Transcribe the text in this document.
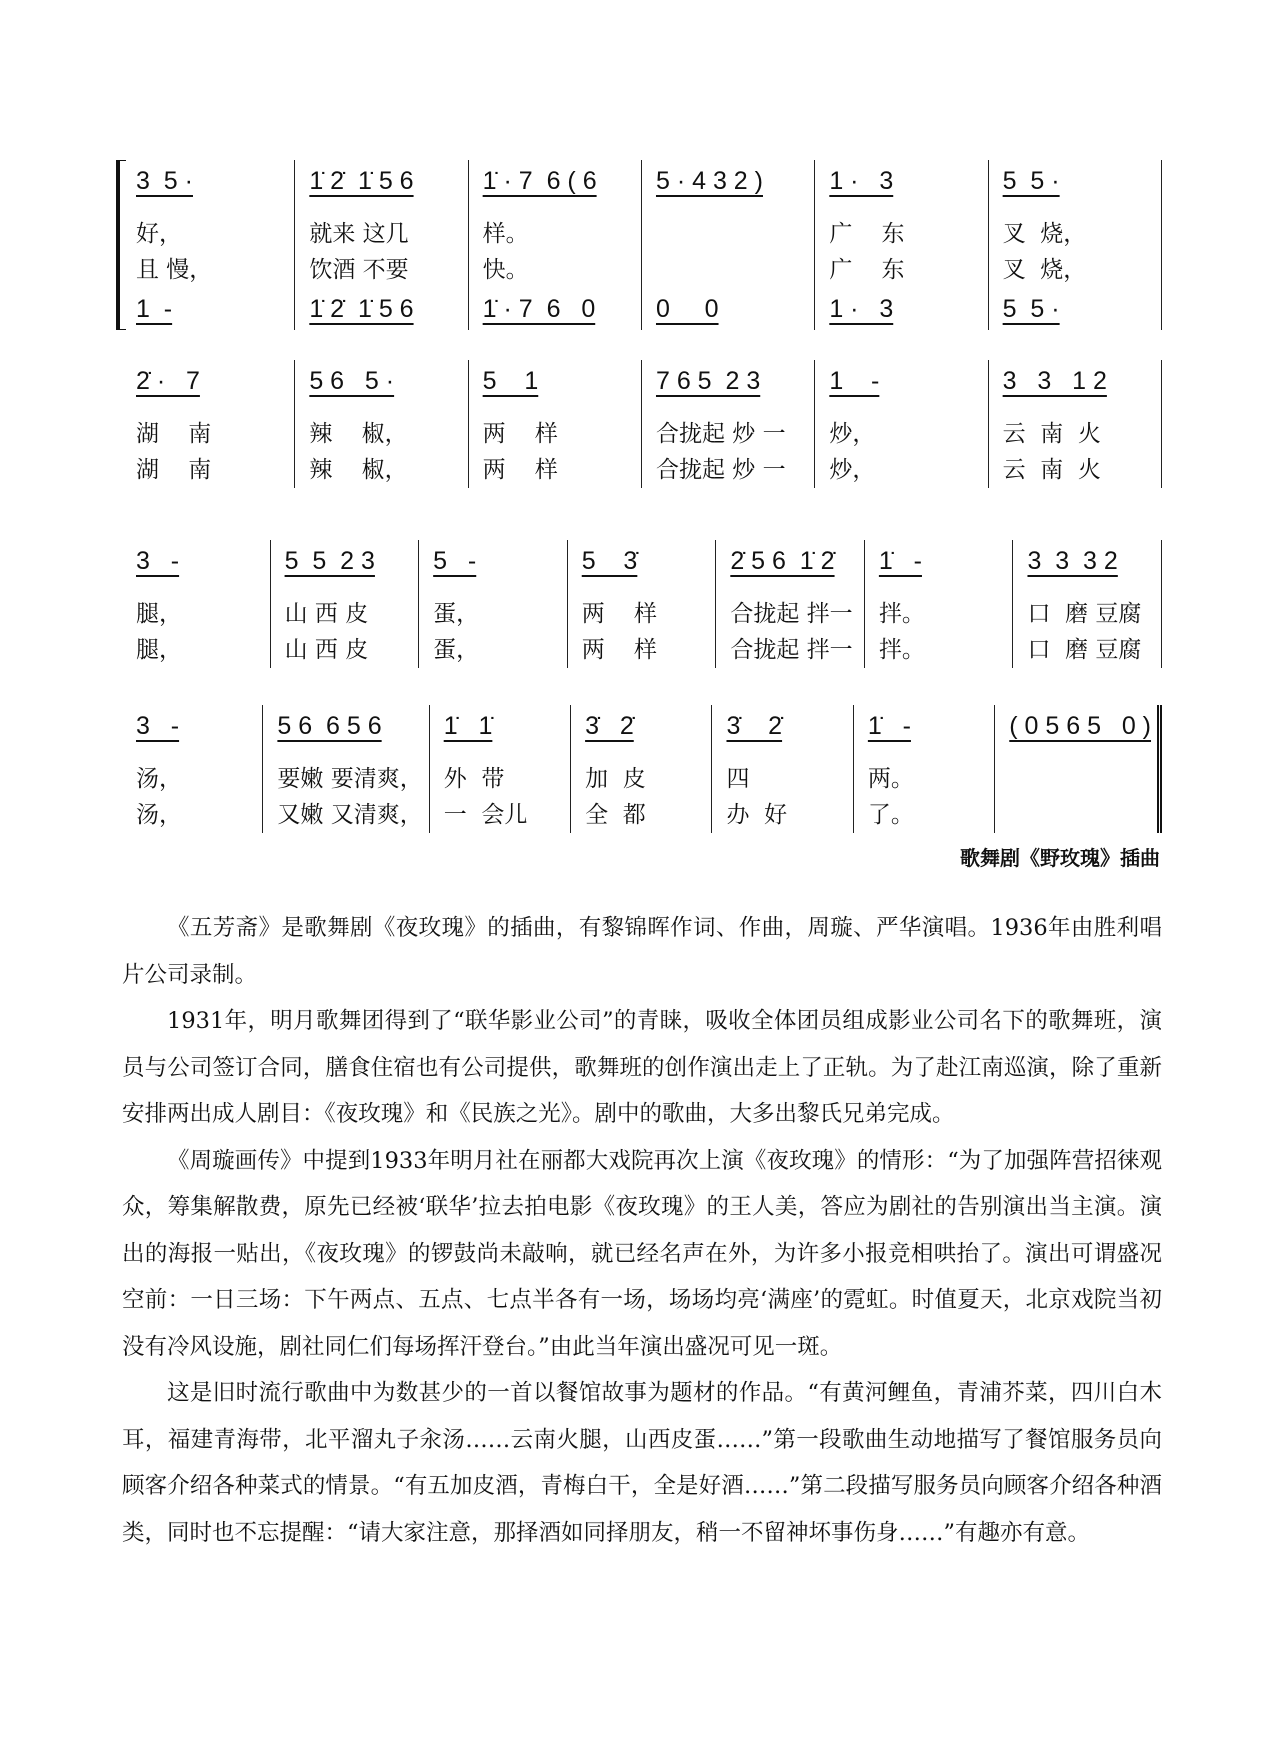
3  5 ·
好，
且 慢，
1  -
1̇ 2̇  1̇ 5 6
就来 这几
饮酒 不要
1̇ 2̇  1̇ 5 6
1̇ · 7  6 ( 6
样。
快。
1̇ · 7  6   0
5 · 4 3 2 )
0     0
1 ·   3
广    东
广    东
1 ·   3
5  5 ·
叉  烧，
叉  烧，
5  5 ·
2̇ ·   7
湖    南
湖    南
5 6   5 ·
辣    椒，
辣    椒，
5    1
两    样
两    样
7 6 5  2 3
合拢起 炒 一
合拢起 炒 一
1    -
炒，
炒，
3   3   1 2
云  南  火
云  南  火
3   -
腿，
腿，
5  5  2 3
山 西 皮
山 西 皮
5   -
蛋，
蛋，
5    3̇
两    样
两    样
2̇ 5 6  1̇ 2̇
合拢起 拌一
合拢起 拌一
1̇   -
拌。
拌。
3  3  3 2
口  磨 豆腐
口  磨 豆腐
3   -
汤，
汤，
5 6  6 5 6
要嫩 要清爽，
又嫩 又清爽，
1̇   1̇
外  带
一  会儿
3̇   2̇
加  皮
全  都
3̇    2̇
四
办  好
1̇   -
两。
了。
( 0 5 6 5   0 )
歌舞剧《野玫瑰》插曲

《五芳斋》是歌舞剧《夜玫瑰》的插曲，有黎锦晖作词、作曲，周璇、严华演唱。1936年由胜利唱片公司录制。

1931年，明月歌舞团得到了“联华影业公司”的青睐，吸收全体团员组成影业公司名下的歌舞班，演员与公司签订合同，膳食住宿也有公司提供，歌舞班的创作演出走上了正轨。为了赴江南巡演，除了重新安排两出成人剧目：《夜玫瑰》和《民族之光》。剧中的歌曲，大多出黎氏兄弟完成。

《周璇画传》中提到1933年明月社在丽都大戏院再次上演《夜玫瑰》的情形：“为了加强阵营招徕观众，筹集解散费，原先已经被‘联华’拉去拍电影《夜玫瑰》的王人美，答应为剧社的告别演出当主演。演出的海报一贴出，《夜玫瑰》的锣鼓尚未敲响，就已经名声在外，为许多小报竞相哄抬了。演出可谓盛况空前：一日三场：下午两点、五点、七点半各有一场，场场均亮‘满座’的霓虹。时值夏天，北京戏院当初没有冷风设施，剧社同仁们每场挥汗登台。”由此当年演出盛况可见一斑。

这是旧时流行歌曲中为数甚少的一首以餐馆故事为题材的作品。“有黄河鲤鱼，青浦芥菜，四川白木耳，福建青海带，北平溜丸子汆汤……云南火腿，山西皮蛋……”第一段歌曲生动地描写了餐馆服务员向顾客介绍各种菜式的情景。“有五加皮酒，青梅白干，全是好酒……”第二段描写服务员向顾客介绍各种酒类，同时也不忘提醒：“请大家注意，那择酒如同择朋友，稍一不留神坏事伤身……”有趣亦有意。
